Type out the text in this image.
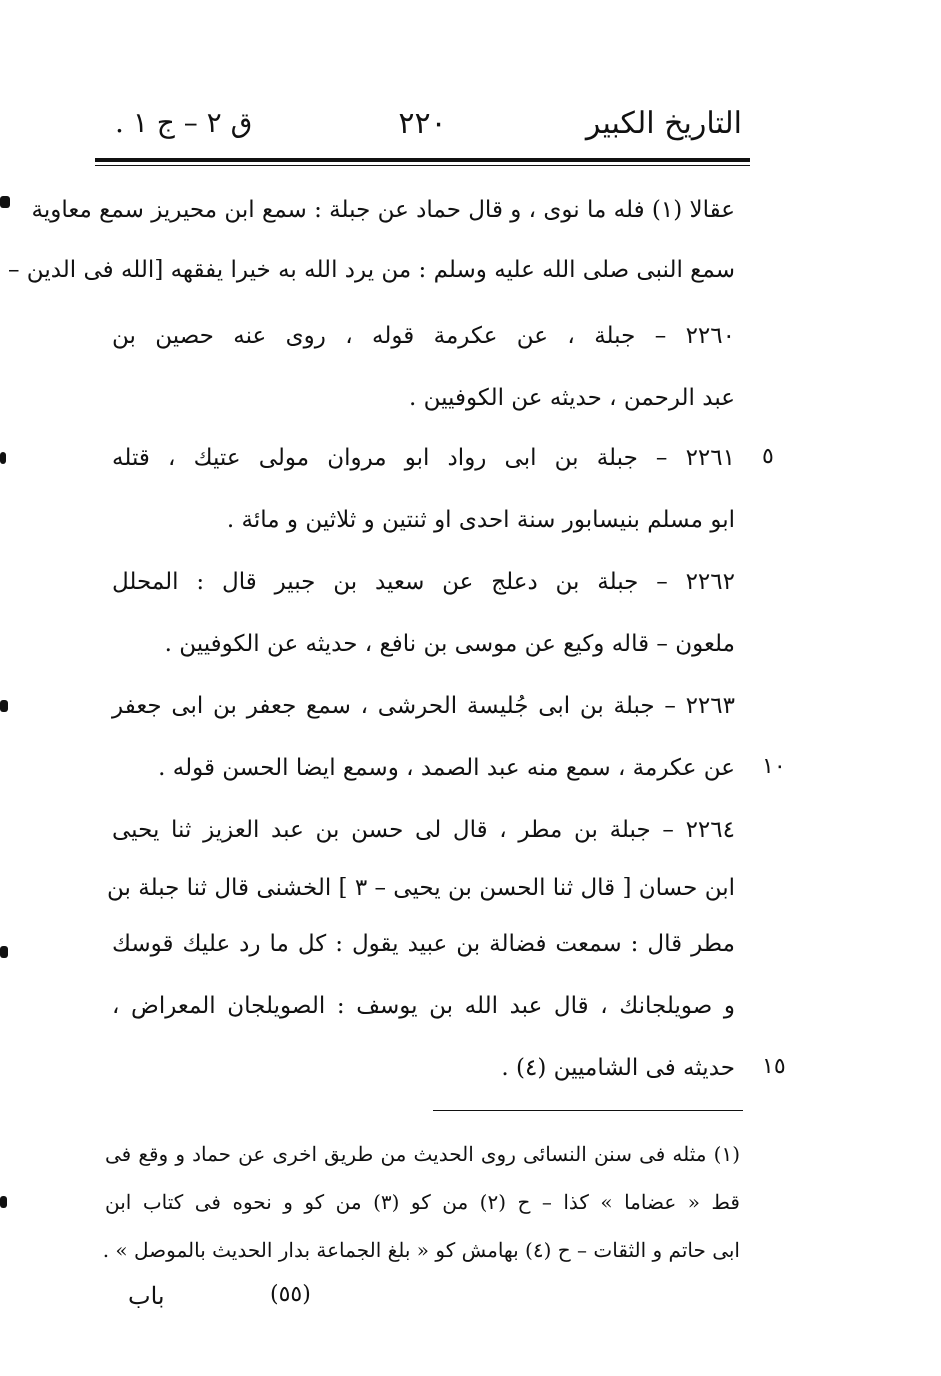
التاريخ الكبير
٢٢٠
ق ٢ – ج ١ .
عقالا (١) فله ما نوى ، و قال حماد عن جبلة : سمع ابن محيريز سمع معاوية
سمع النبى صلى الله عليه وسلم : من يرد الله به خيرا يفقهه [الله فى الدين –
٢٢٦٠ – جبلة ، عن عكرمة قوله ، روى عنه حصين بن
عبد الرحمن ، حديثه عن الكوفيين .
٢٢٦١ – جبلة بن ابى رواد ابو مروان مولى عتيك ، قتله
ابو مسلم بنيسابور سنة احدى او ثنتين و ثلاثين و مائة .
٢٢٦٢ – جبلة بن دعلج عن سعيد بن جبير قال : المحلل
ملعون – قاله وكيع عن موسى بن نافع ، حديثه عن الكوفيين .
٢٢٦٣ – جبلة بن ابى جُليسة الحرشى ، سمع جعفر بن ابى جعفر
عن عكرمة ، سمع منه عبد الصمد ، وسمع ايضا الحسن قوله .
٢٢٦٤ – جبلة بن مطر ، قال لى حسن بن عبد العزيز ثنا يحيى
ابن حسان [ قال ثنا الحسن بن يحيى – ٣ ] الخشنى قال ثنا جبلة بن
مطر قال : سمعت فضالة بن عبيد يقول : كل ما رد عليك قوسك
و صويلجانك ، قال عبد الله بن يوسف : الصويلجان المعراض ،
حديثه فى الشاميين (٤) .
٥
١٠
١٥
(١) مثله فى سنن النسائى روى الحديث من طريق اخرى عن حماد و وقع فى
قط « عضاما » كذا – ح (٢) من كو (٣) من كو و نحوه فى كتاب ابن
ابى حاتم و الثقات – ح (٤) بهامش كو « بلغ الجماعة بدار الحديث بالموصل » .
(٥٥)
باب
